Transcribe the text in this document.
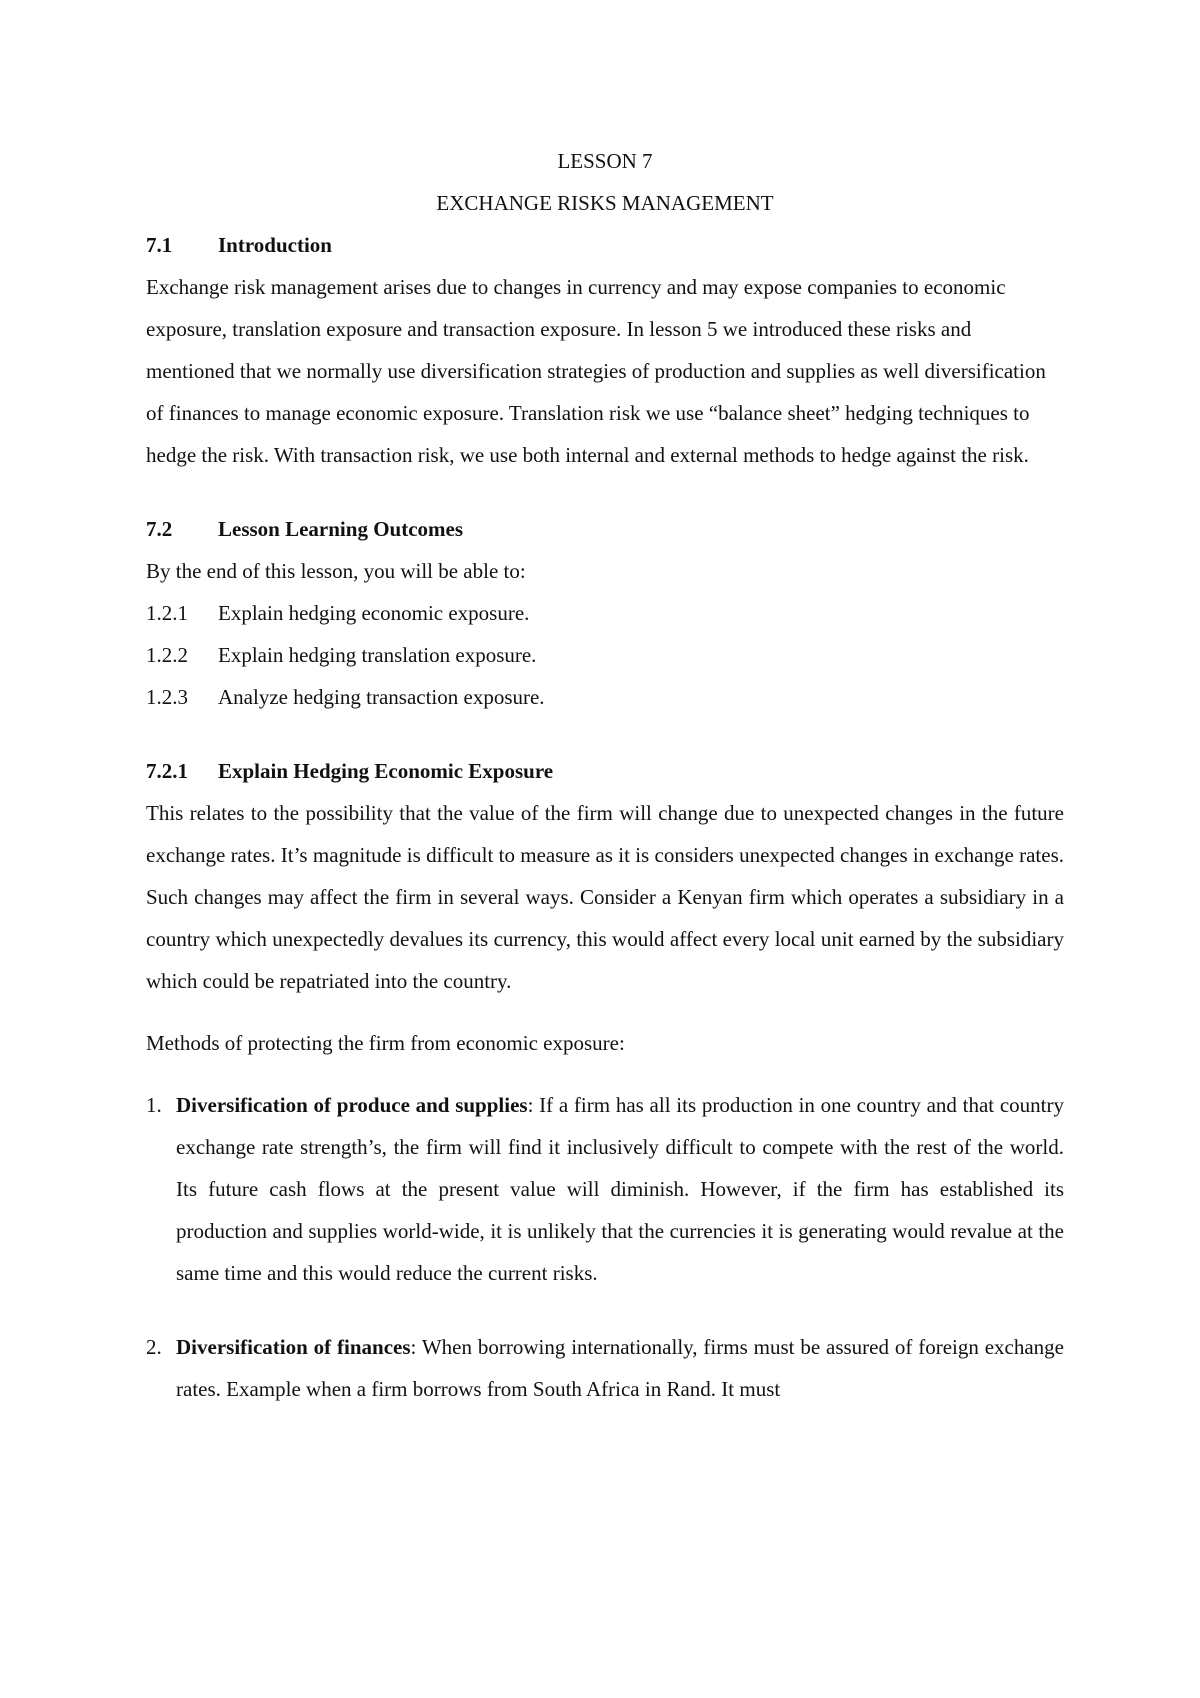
LESSON 7
EXCHANGE RISKS MANAGEMENT
7.1	Introduction

Exchange risk management arises due to changes in currency and may expose companies to economic exposure, translation exposure and transaction exposure. In lesson 5 we introduced these risks and mentioned that we normally use diversification strategies of production and supplies as well diversification of finances to manage economic exposure. Translation risk we use “balance sheet” hedging techniques to hedge the risk. With transaction risk, we use both internal and external methods to hedge against the risk.

7.2	Lesson Learning Outcomes

By the end of this lesson, you will be able to:

1.2.1	Explain hedging economic exposure.
1.2.2	Explain hedging translation exposure.
1.2.3	Analyze hedging transaction exposure.
7.2.1	Explain Hedging Economic Exposure

This relates to the possibility that the value of the firm will change due to unexpected changes in the future exchange rates. It’s magnitude is difficult to measure as it is considers unexpected changes in exchange rates. Such changes may affect the firm in several ways. Consider a Kenyan firm which operates a subsidiary in a country which unexpectedly devalues its currency, this would affect every local unit earned by the subsidiary which could be repatriated into the country.

Methods of protecting the firm from economic exposure:

1. Diversification of produce and supplies: If a firm has all its production in one country and that country exchange rate strength’s, the firm will find it inclusively difficult to compete with the rest of the world. Its future cash flows at the present value will diminish. However, if the firm has established its production and supplies world-wide, it is unlikely that the currencies it is generating would revalue at the same time and this would reduce the current risks.
2. Diversification of finances: When borrowing internationally, firms must be assured of foreign exchange rates. Example when a firm borrows from South Africa in Rand. It must
